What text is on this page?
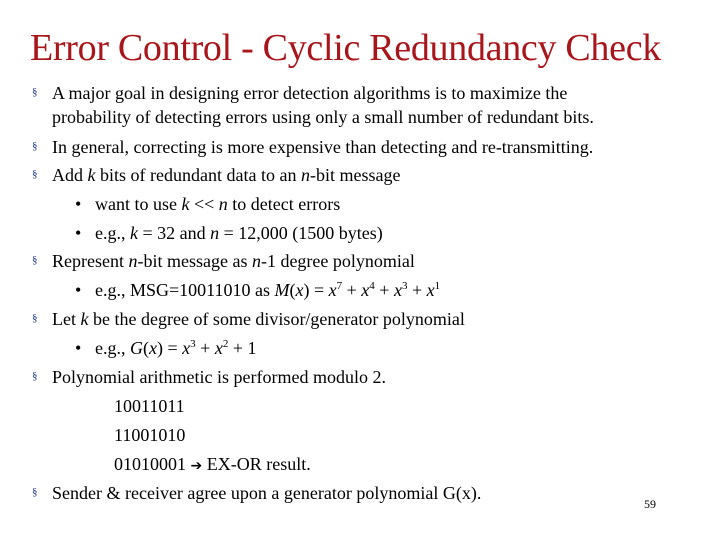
Error Control - Cyclic Redundancy Check
§ A major goal in designing error detection algorithms is to maximize the
probability of detecting errors using only a small number of redundant bits.
§ In general, correcting is more expensive than detecting and re-transmitting.
§ Add k bits of redundant data to an n-bit message
• want to use k << n to detect errors
• e.g., k = 32 and n = 12,000 (1500 bytes)
§ Represent n-bit message as n-1 degree polynomial
• e.g., MSG=10011010 as $M(x) = x^7 + x^4 + x^3 + x^1$
§ Let k be the degree of some divisor/generator polynomial
• e.g., $G(x) = x^3 + x^2 + 1$
§ Polynomial arithmetic is performed modulo 2.
10011011
11001010
01010001 ➔ EX-OR result.
§ Sender & receiver agree upon a generator polynomial G(x).
59
